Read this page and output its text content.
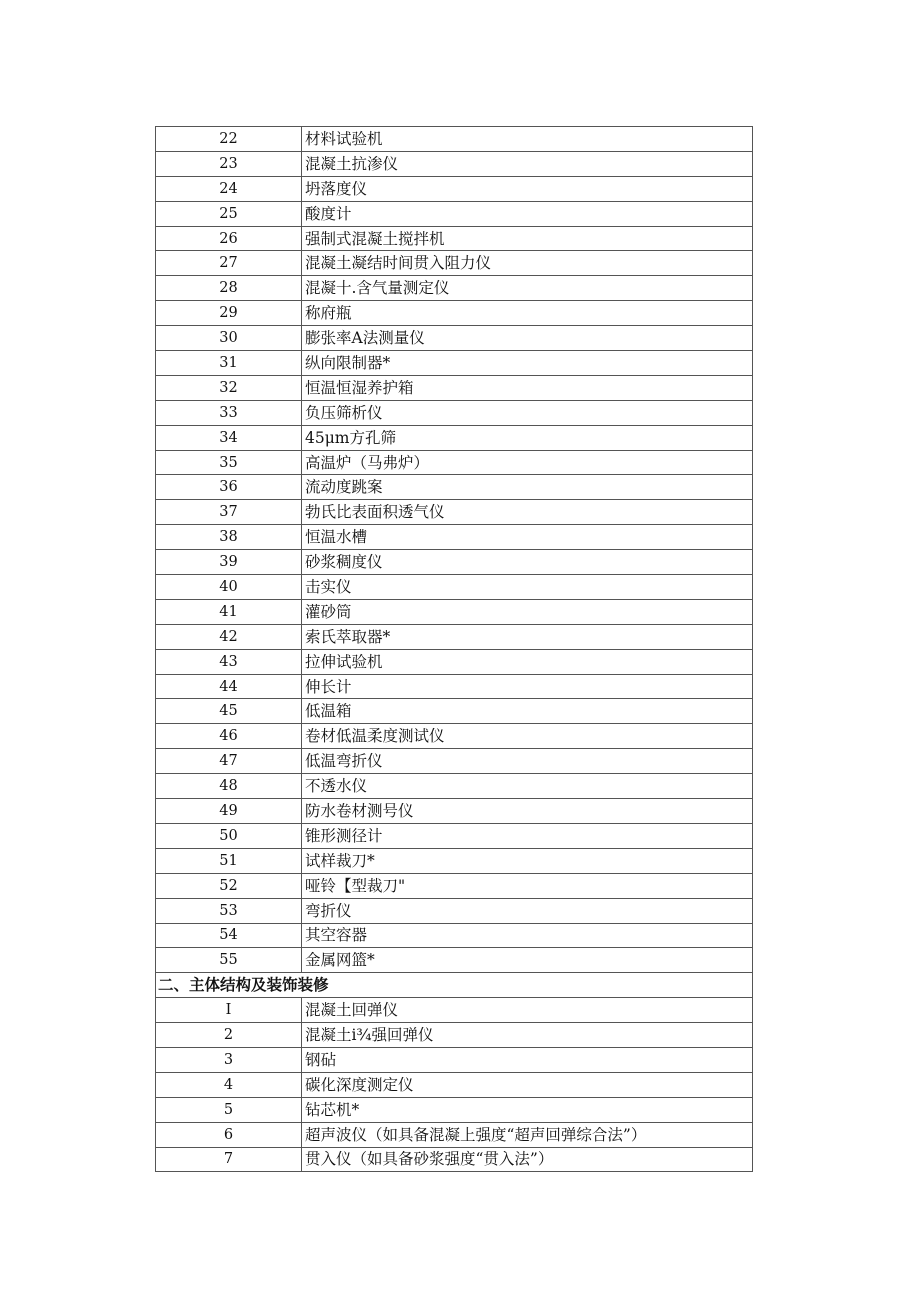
22	材料试验机
23	混凝土抗渗仪
24	坍落度仪
25	酸度计
26	强制式混凝土搅拌机
27	混凝土凝结时间贯入阻力仪
28	混凝十.含气量测定仪
29	称府瓶
30	膨张率A法测量仪
31	纵向限制器*
32	恒温恒湿养护箱
33	负压筛析仪
34	45μm方孔筛
35	高温炉（马弗炉）
36	流动度跳案
37	勃氏比表面积透气仪
38	恒温水槽
39	砂浆稠度仪
40	击实仪
41	灌砂筒
42	索氏萃取器*
43	拉伸试验机
44	伸长计
45	低温箱
46	卷材低温柔度测试仪
47	低温弯折仪
48	不透水仪
49	防水卷材测号仪
50	锥形测径计
51	试样裁刀*
52	哑铃【型裁刀"
53	弯折仪
54	其空容器
55	金属网篮*
二、主体结构及装饰装修	
I	混凝土回弹仪
2	混凝土i¾强回弹仪
3	钢砧
4	碳化深度测定仪
5	钻芯机*
6	超声波仪（如具备混凝上强度“超声回弹综合法”）
7	贯入仪（如具备砂浆强度“贯入法”）
